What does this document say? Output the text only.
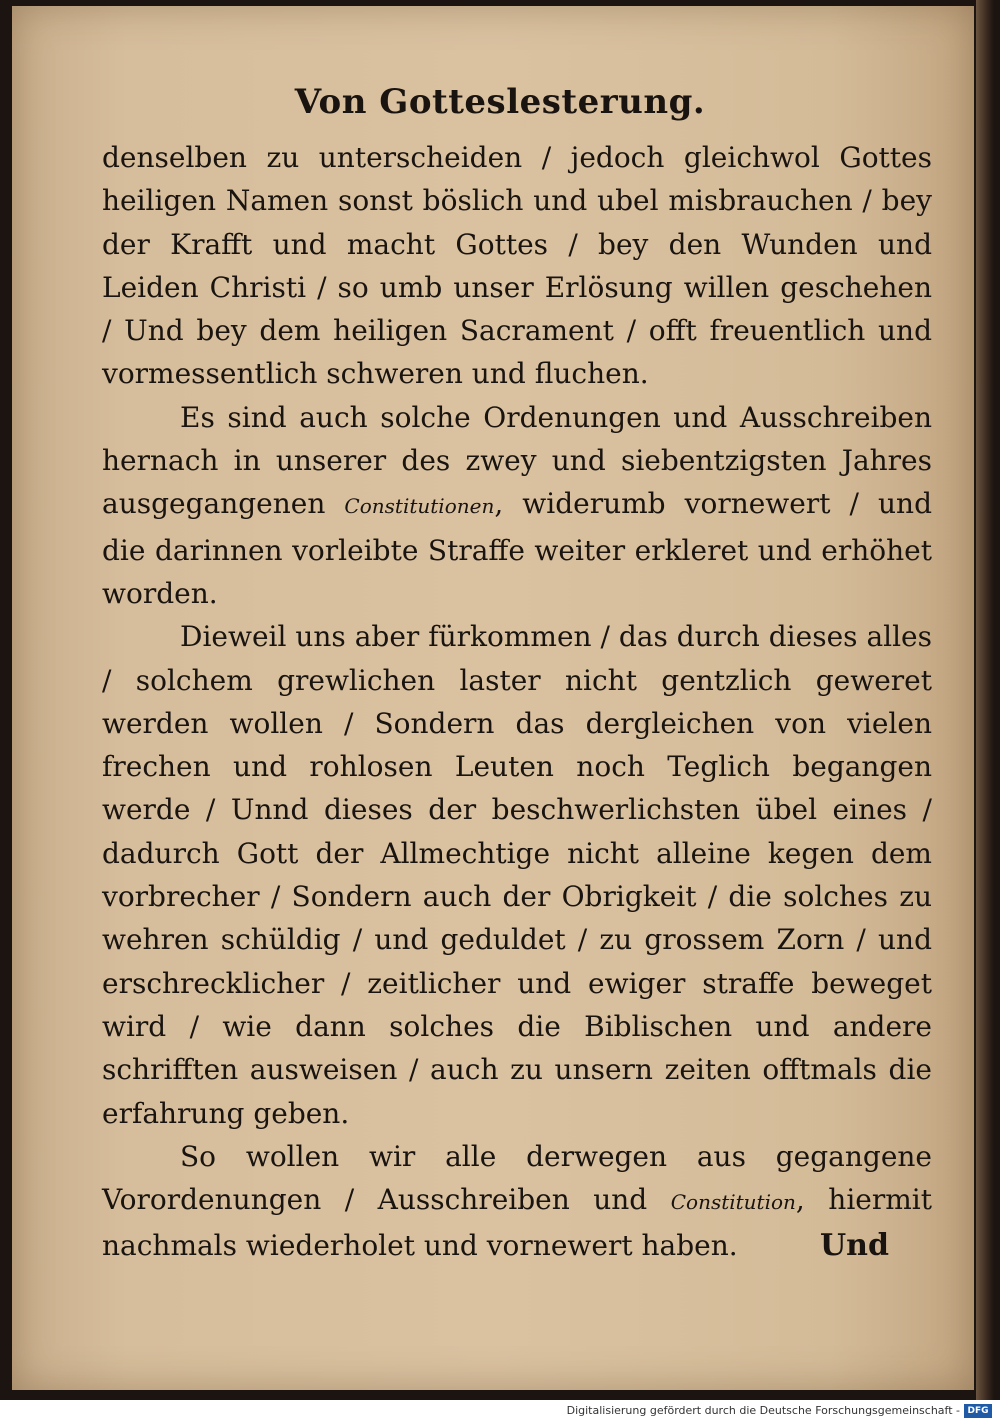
Von Gotteslesterung.

denselben zu unterscheiden / jedoch gleichwol Gottes heiligen Namen sonst böslich und ubel misbrauchen / bey der Krafft und macht Gottes / bey den Wunden und Leiden Christi / so umb unser Erlösung willen geschehen / Und bey dem heiligen Sacrament / offt freuentlich und vormessentlich schweren und fluchen.

Es sind auch solche Ordenungen und Ausschreiben hernach in unserer des zwey und siebentzigsten Jahres ausgegangenen Constitutionen, widerumb vornewert / und die darinnen vorleibte Straffe weiter erkleret und erhöhet worden.

Dieweil uns aber fürkommen / das durch dieses alles / solchem grewlichen laster nicht gentzlich geweret werden wollen / Sondern das dergleichen von vielen frechen und rohlosen Leuten noch Teglich begangen werde / Unnd dieses der beschwerlichsten übel eines / dadurch Gott der Allmechtige nicht alleine kegen dem vorbrecher / Sondern auch der Obrigkeit / die solches zu wehren schüldig / und geduldet / zu grossem Zorn / und erschrecklicher / zeitlicher und ewiger straffe beweget wird / wie dann solches die Biblischen und andere schrifften ausweisen / auch zu unsern zeiten offtmals die erfahrung geben.

So wollen wir alle derwegen aus gegangene Vorordenungen / Ausschreiben und Constitution, hiermit nachmals wiederholet und vornewert haben.	Und
Digitalisierung gefördert durch die Deutsche Forschungsgemeinschaft - DFG
